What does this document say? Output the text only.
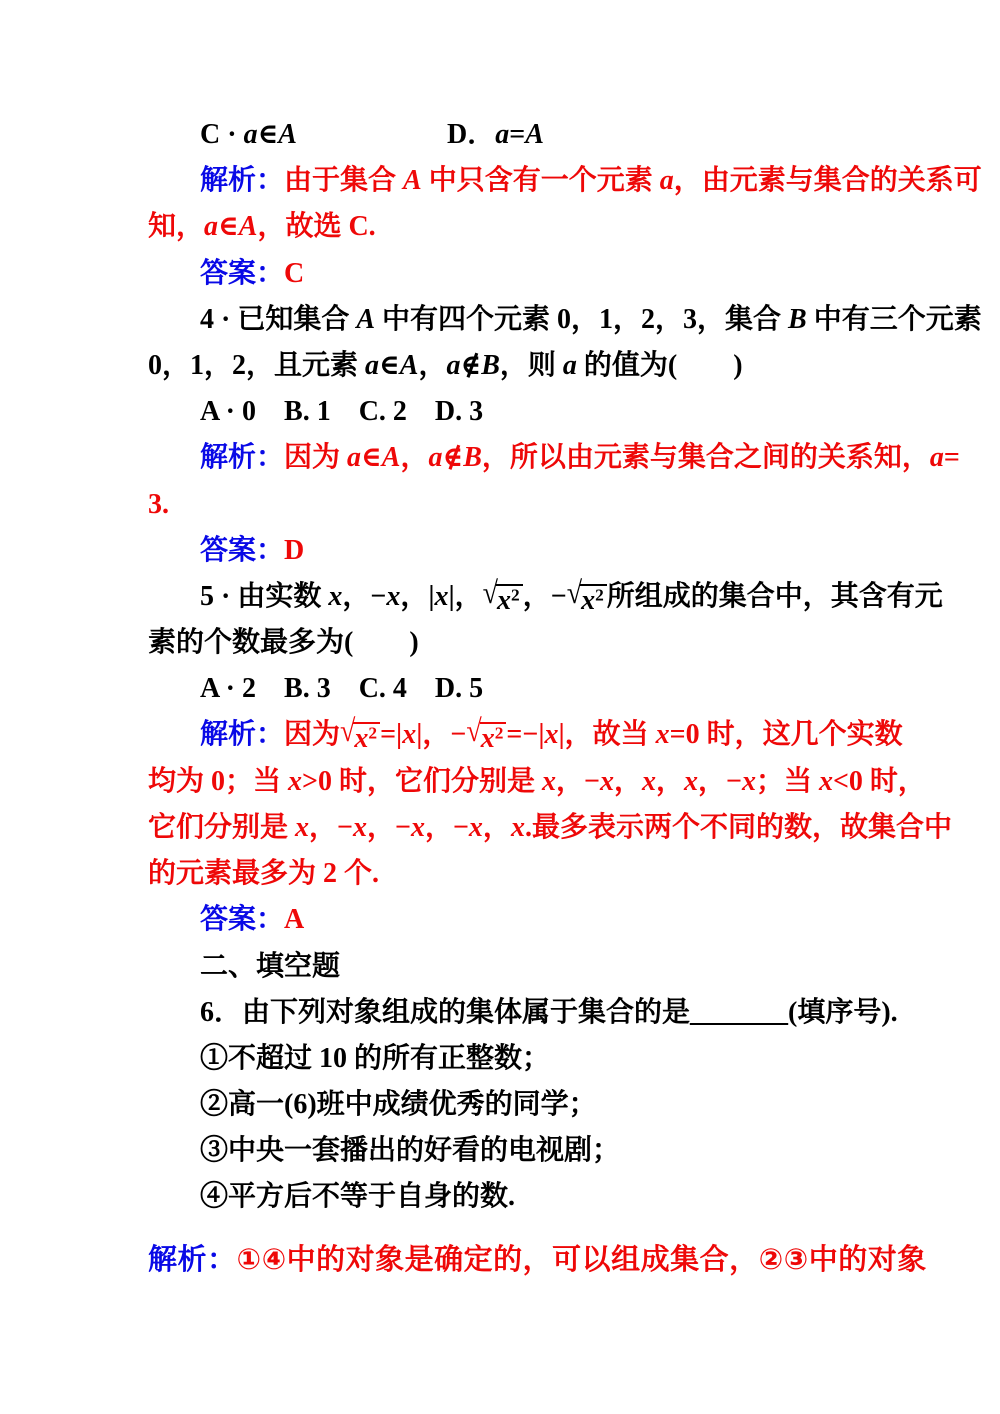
C · a∈A	D．a=A
解析：由于集合 A 中只含有一个元素 a，由元素与集合的关系可
知，a∈A，故选 C.
答案：C
4 · 已知集合 A 中有四个元素 0，1，2，3，集合 B 中有三个元素
0，1，2，且元素 a∈A，a∉B，则 a 的值为(　　)
A · 0　B. 1　C. 2　D. 3
解析：因为 a∈A，a∉B，所以由元素与集合之间的关系知，a=
3.
答案：D
5 · 由实数 x，−x，|x|，$√x^2$ ，$-√x^2$ 所组成的集合中，其含有元
素的个数最多为(　　)
A · 2　B. 3　C. 4　D. 5
解析：因为$√x^2 =|x|$，$-√x^2 =-|x|$，故当 x=0 时，这几个实数
均为 0；当 x>0 时，它们分别是 x，−x，x，x，−x；当 x<0 时，
它们分别是 x，−x，−x，−x，x.最多表示两个不同的数，故集合中
的元素最多为 2 个.
答案：A
二、填空题
6．由下列对象组成的集体属于集合的是_______(填序号).
①不超过 10 的所有正整数；
②高一(6)班中成绩优秀的同学；
③中央一套播出的好看的电视剧；
④平方后不等于自身的数.
解析：①④中的对象是确定的，可以组成集合，②③中的对象
